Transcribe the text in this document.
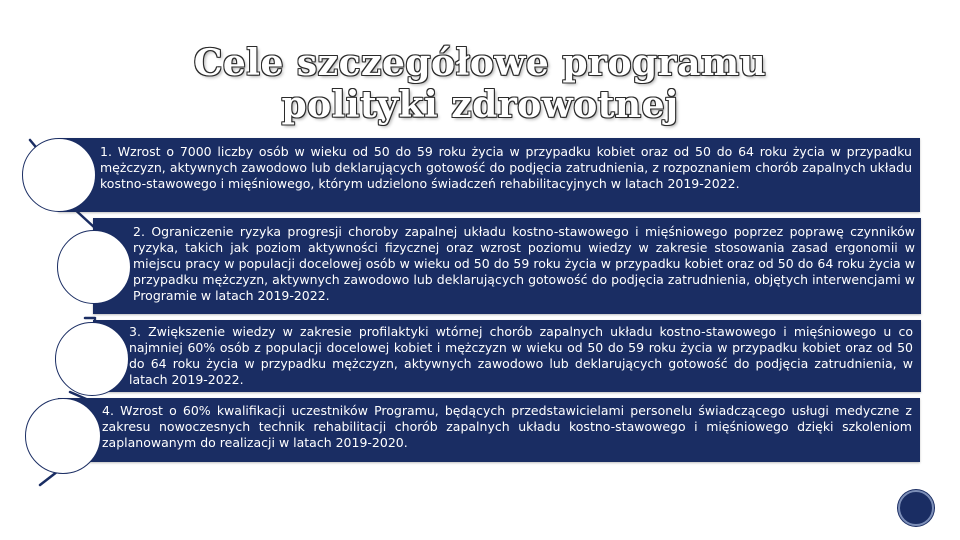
Cele szczegółowe programu polityki zdrowotnej

1. Wzrost o 7000 liczby osób w wieku od 50 do 59 roku życia w przypadku kobiet oraz od 50 do 64 roku życia w przypadku mężczyzn, aktywnych zawodowo lub deklarujących gotowość do podjęcia zatrudnienia, z rozpoznaniem chorób zapalnych układu kostno-stawowego i mięśniowego, którym udzielono świadczeń rehabilitacyjnych w latach 2019-2022.

2. Ograniczenie ryzyka progresji choroby zapalnej układu kostno-stawowego i mięśniowego poprzez poprawę czynników ryzyka, takich jak poziom aktywności fizycznej oraz wzrost poziomu wiedzy w zakresie stosowania zasad ergonomii w miejscu pracy w populacji docelowej osób w wieku od 50 do 59 roku życia w przypadku kobiet oraz od 50 do 64 roku życia w przypadku mężczyzn, aktywnych zawodowo lub deklarujących gotowość do podjęcia zatrudnienia, objętych interwencjami w Programie w latach 2019-2022.

3. Zwiększenie wiedzy w zakresie profilaktyki wtórnej chorób zapalnych układu kostno-stawowego i mięśniowego u co najmniej 60% osób z populacji docelowej kobiet i mężczyzn w wieku od 50 do 59 roku życia w przypadku kobiet oraz od 50 do 64 roku życia w przypadku mężczyzn, aktywnych zawodowo lub deklarujących gotowość do podjęcia zatrudnienia, w latach 2019-2022.

4. Wzrost o 60% kwalifikacji uczestników Programu, będących przedstawicielami personelu świadczącego usługi medyczne z zakresu nowoczesnych technik rehabilitacji chorób zapalnych układu kostno-stawowego i mięśniowego dzięki szkoleniom zaplanowanym do realizacji w latach 2019-2020.
